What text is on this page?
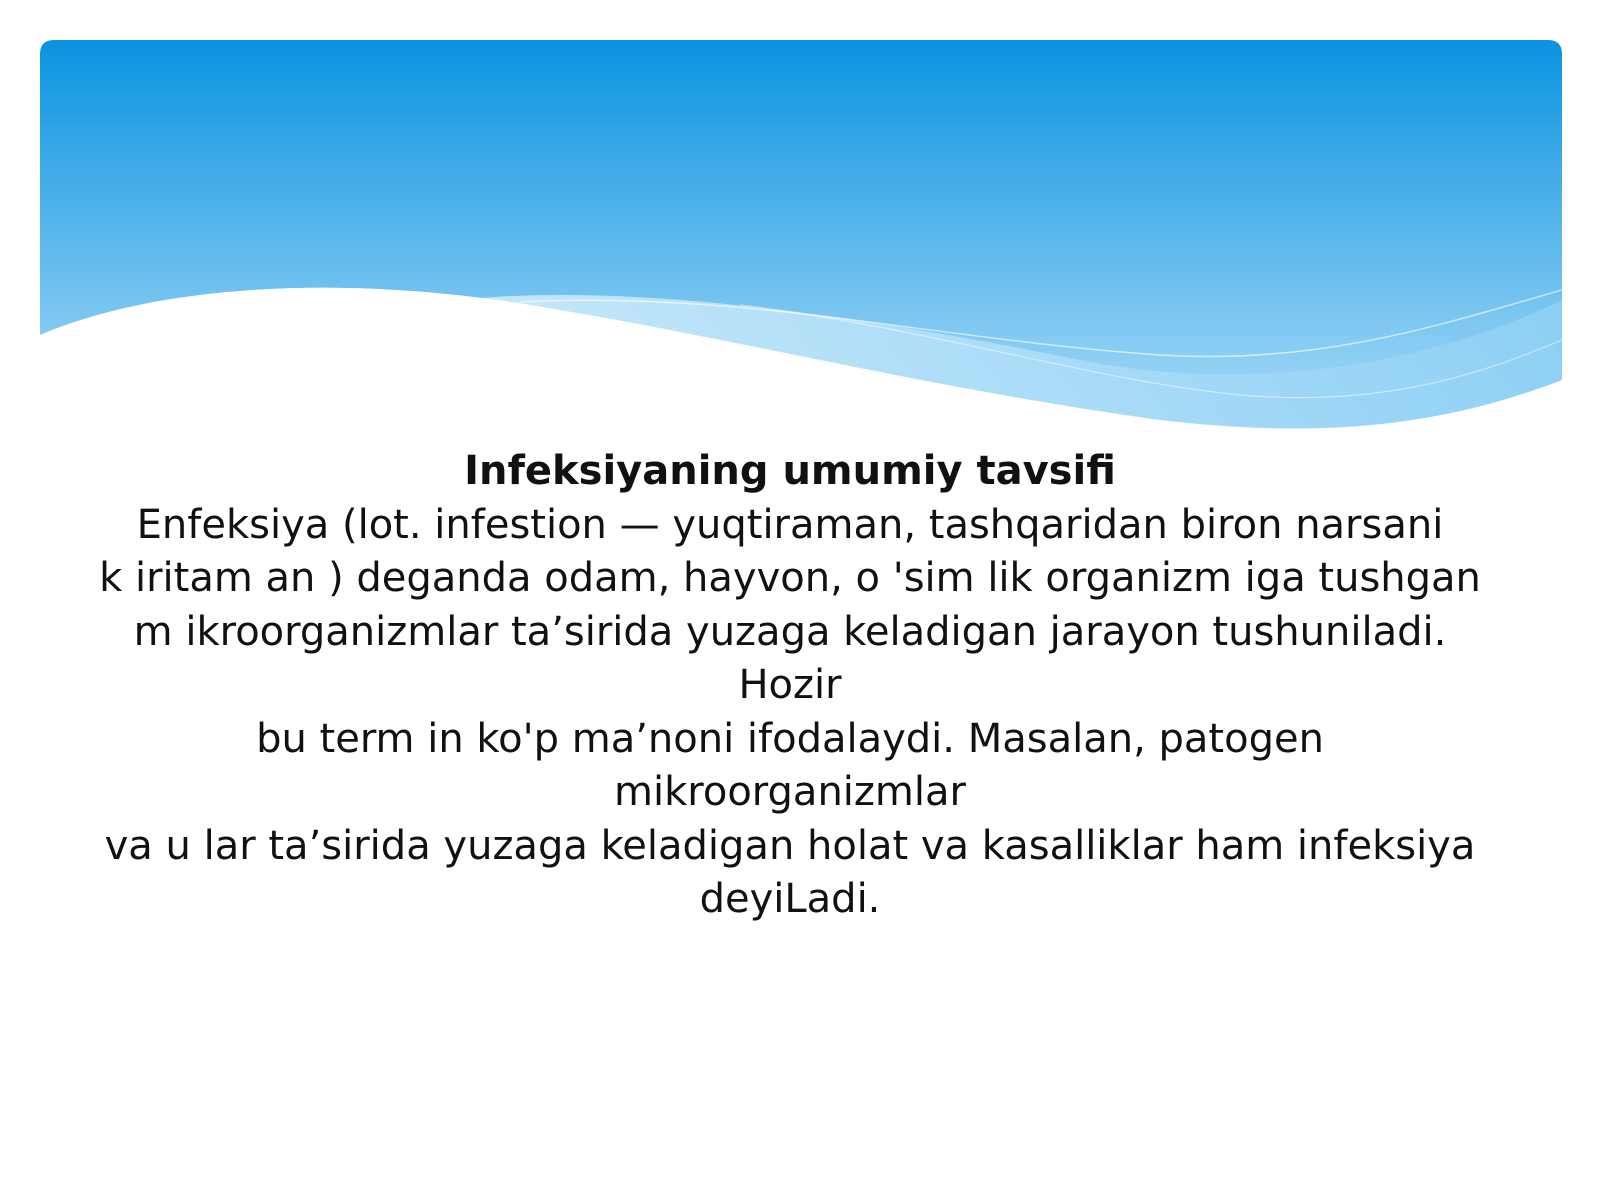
Infeksiyaning umumiy tavsifi
Enfeksiya (lot. infestion — yuqtiraman, tashqaridan biron narsani
k iritam an ) deganda odam, hayvon, o 'sim lik organizm iga tushgan
m ikroorganizmlar ta’sirida yuzaga keladigan jarayon tushuniladi.
Hozir
bu term in ko'p ma’noni ifodalaydi. Masalan, patogen
mikroorganizmlar
va u lar ta’sirida yuzaga keladigan holat va kasalliklar ham infeksiya
deyiLadi.
